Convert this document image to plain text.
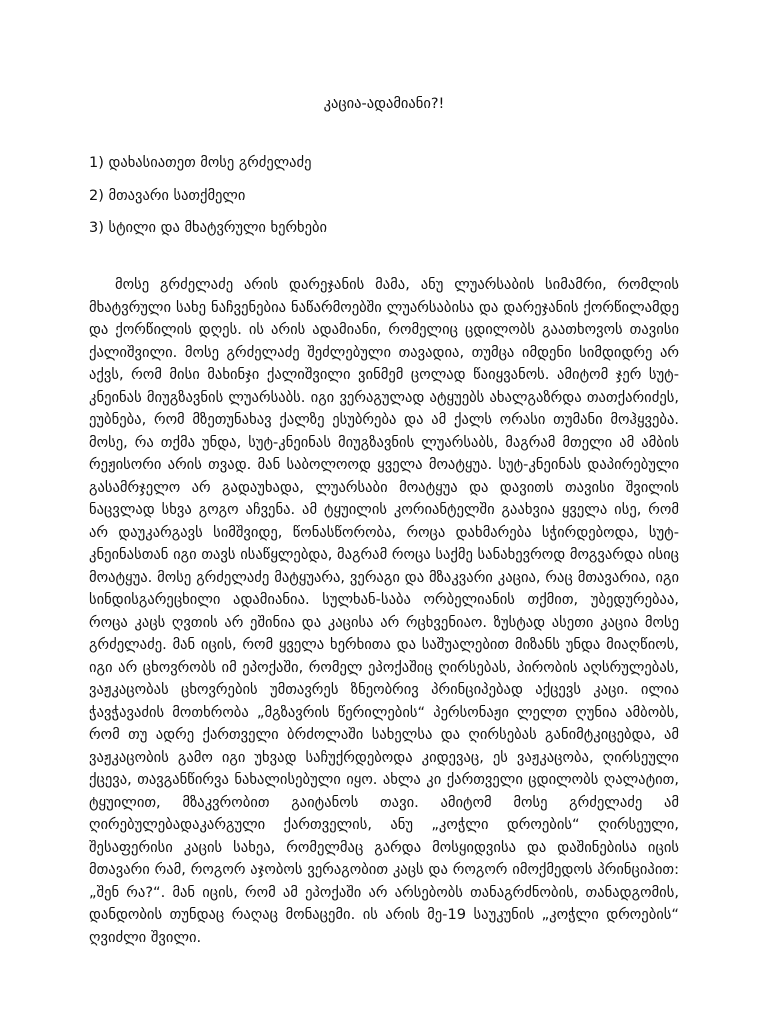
კაცია-ადამიანი?!
1) დახასიათეთ მოსე გრძელაძე
2) მთავარი სათქმელი
3) სტილი და მხატვრული ხერხები

მოსე გრძელაძე არის დარეჯანის მამა, ანუ ლუარსაბის სიმამრი, რომლის მხატვრული სახე ნაჩვენებია ნაწარმოებში ლუარსაბისა და დარეჯანის ქორწილამდე და ქორწილის დღეს. ის არის ადამიანი, რომელიც ცდილობს გაათხოვოს თავისი ქალიშვილი. მოსე გრძელაძე შეძლებული თავადია, თუმცა იმდენი სიმდიდრე არ აქვს, რომ მისი მახინჯი ქალიშვილი ვინმემ ცოლად წაიყვანოს. ამიტომ ჯერ სუტ-კნეინას მიუგზავნის ლუარსაბს. იგი ვერაგულად ატყუებს ახალგაზრდა თათქარიძეს, ეუბნება, რომ მზეთუნახავ ქალზე ესუბრება და ამ ქალს ორასი თუმანი მოჰყვება. მოსე, რა თქმა უნდა, სუტ-კნეინას მიუგზავნის ლუარსაბს, მაგრამ მთელი ამ ამბის რეჟისორი არის თვად. მან საბოლოოდ ყველა მოატყუა. სუტ-კნეინას დაპირებული გასამრჯელო არ გადაუხადა, ლუარსაბი მოატყუა და დავითს თავისი შვილის ნაცვლად სხვა გოგო აჩვენა. ამ ტყუილის კორიანტელში გაახვია ყველა ისე, რომ არ დაუკარგავს სიმშვიდე, წონასწორობა, როცა დახმარება სჭირდებოდა, სუტ-კნეინასთან იგი თავს ისაწყლებდა, მაგრამ როცა საქმე სანახევროდ მოგვარდა ისიც მოატყუა. მოსე გრძელაძე მატყუარა, ვერაგი და მზაკვარი კაცია, რაც მთავარია, იგი სინდისგარეცხილი ადამიანია. სულხან-საბა ორბელიანის თქმით, უბედურებაა, როცა კაცს ღვთის არ ეშინია და კაცისა არ რცხვენიაო. ზუსტად ასეთი კაცია მოსე გრძელაძე. მან იცის, რომ ყველა ხერხითა და საშუალებით მიზანს უნდა მიაღწიოს, იგი არ ცხოვრობს იმ ეპოქაში, რომელ ეპოქაშიც ღირსებას, პირობის აღსრულებას, ვაჟკაცობას ცხოვრების უმთავრეს ზნეობრივ პრინციპებად აქცევს კაცი. ილია ჭავჭავაძის მოთხრობა „მგზავრის წერილების“ პერსონაჟი ლელთ ღუნია ამბობს, რომ თუ ადრე ქართველი ბრძოლაში სახელსა და ღირსებას განიმტკიცებდა, ამ ვაჟკაცობის გამო იგი უხვად საჩუქრდებოდა კიდევაც, ეს ვაჟკაცობა, ღირსეული ქცევა, თავგანწირვა ნახალისებული იყო. ახლა კი ქართველი ცდილობს ღალატით, ტყუილით, მზაკვრობით გაიტანოს თავი. ამიტომ მოსე გრძელაძე ამ ღირებულებადაკარგული ქართველის, ანუ „კოჭლი დროების“ ღირსეული, შესაფერისი კაცის სახეა, რომელმაც გარდა მოსყიდვისა და დაშინებისა იცის მთავარი რამ, როგორ აჯობოს ვერაგობით კაცს და როგორ იმოქმედოს პრინციპით: „შენ რა?“. მან იცის, რომ ამ ეპოქაში არ არსებობს თანაგრძნობის, თანადგომის, დანდობის თუნდაც რაღაც მონაცემი. ის არის მე-19 საუკუნის „კოჭლი დროების“ ღვიძლი შვილი.
